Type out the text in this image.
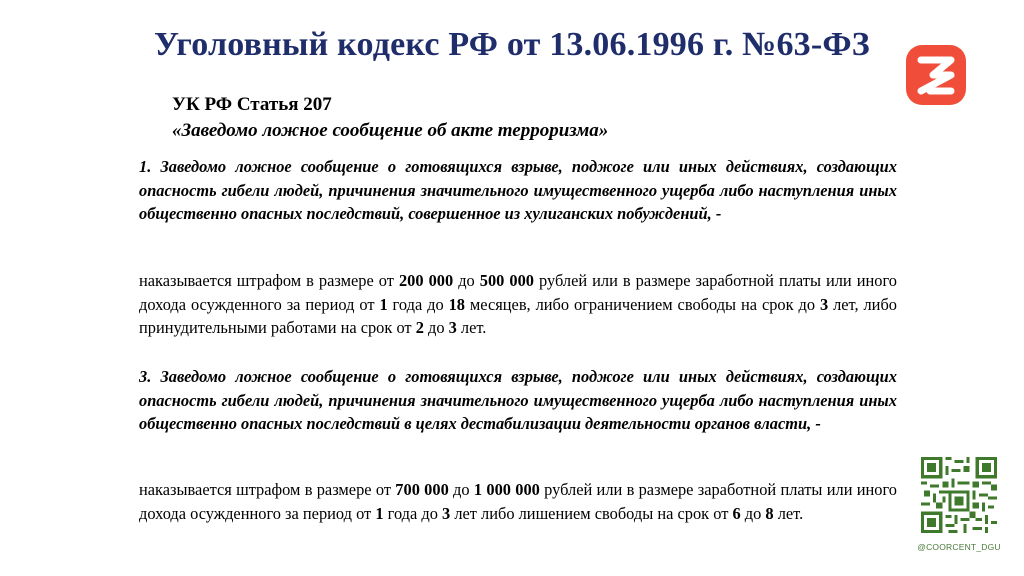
Уголовный кодекс РФ от 13.06.1996 г. №63-ФЗ
УК РФ Статья 207
«Заведомо ложное сообщение об акте терроризма»
1. Заведомо ложное сообщение о готовящихся взрыве, поджоге или иных действиях, создающих опасность гибели людей, причинения значительного имущественного ущерба либо наступления иных общественно опасных последствий, совершенное из хулиганских побуждений, -
наказывается штрафом в размере от 200 000 до 500 000 рублей или в размере заработной платы или иного дохода осужденного за период от 1 года до 18 месяцев, либо ограничением свободы на срок до 3 лет, либо принудительными работами на срок от 2 до 3 лет.
3. Заведомо ложное сообщение о готовящихся взрыве, поджоге или иных действиях, создающих опасность гибели людей, причинения значительного имущественного ущерба либо наступления иных общественно опасных последствий в целях дестабилизации деятельности органов власти, -
наказывается штрафом в размере от 700 000 до 1 000 000 рублей или в размере заработной платы или иного дохода осужденного за период от 1 года до 3 лет либо лишением свободы на срок от 6 до 8 лет.
@COORCENT_DGU
